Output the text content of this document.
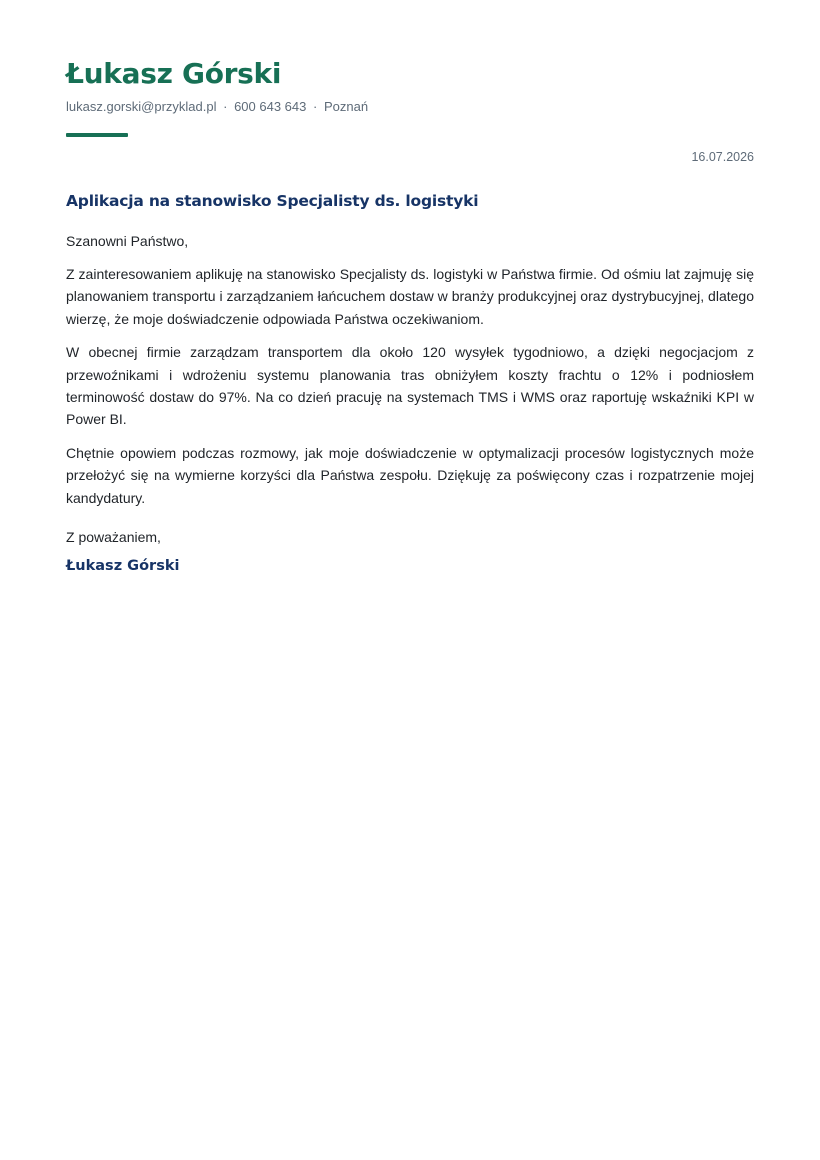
Łukasz Górski
lukasz.gorski@przyklad.pl · 600 643 643 · Poznań
16.07.2026
Aplikacja na stanowisko Specjalisty ds. logistyki
Szanowni Państwo,

Z zainteresowaniem aplikuję na stanowisko Specjalisty ds. logistyki w Państwa firmie. Od ośmiu lat zajmuję się planowaniem transportu i zarządzaniem łańcuchem dostaw w branży produkcyjnej oraz dystrybucyjnej, dlatego wierzę, że moje doświadczenie odpowiada Państwa oczekiwaniom.

W obecnej firmie zarządzam transportem dla około 120 wysyłek tygodniowo, a dzięki negocjacjom z przewoźnikami i wdrożeniu systemu planowania tras obniżyłem koszty frachtu o 12% i podniosłem terminowość dostaw do 97%. Na co dzień pracuję na systemach TMS i WMS oraz raportuję wskaźniki KPI w Power BI.

Chętnie opowiem podczas rozmowy, jak moje doświadczenie w optymalizacji procesów logistycznych może przełożyć się na wymierne korzyści dla Państwa zespołu. Dziękuję za poświęcony czas i rozpatrzenie mojej kandydatury.

Z poważaniem,
Łukasz Górski
